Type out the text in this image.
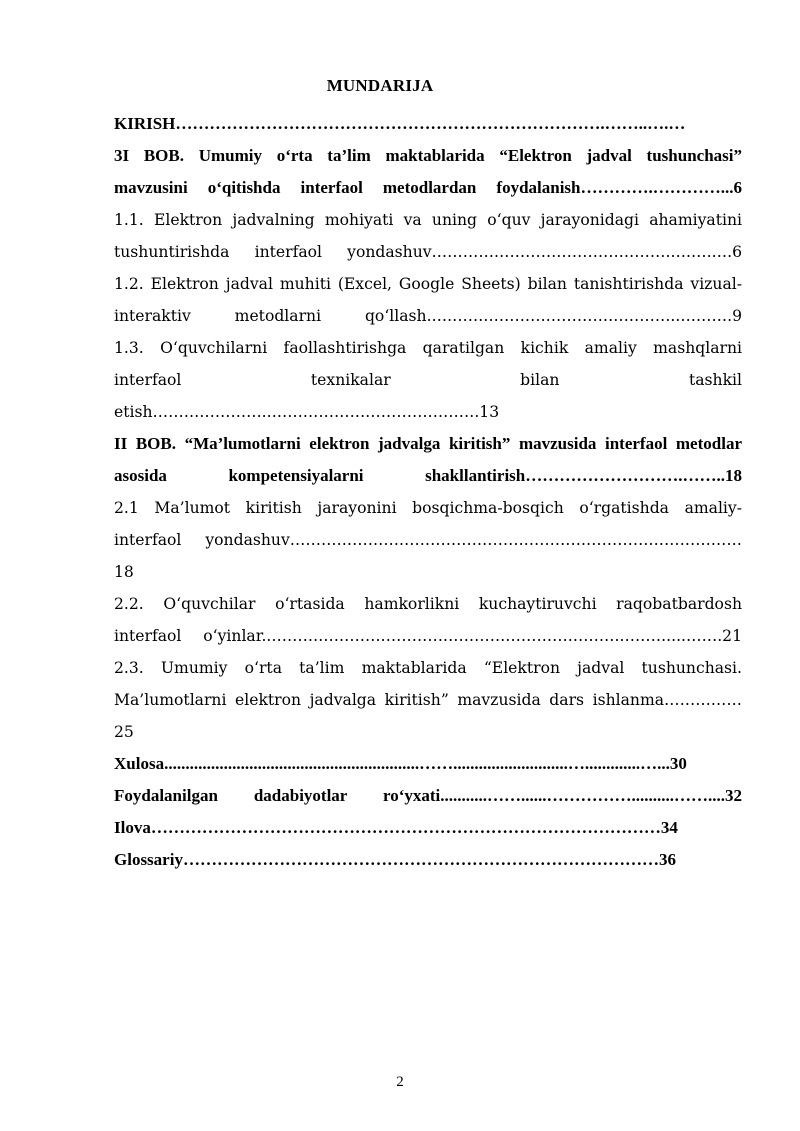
MUNDARIJA
KIRISH………………………………………………………………….……..….…
3I BOB. Umumiy o‘rta ta’lim maktablarida “Elektron jadval tushunchasi” mavzusini o‘qitishda interfaol metodlardan foydalanish………….…………...6
1.1. Elektron jadvalning mohiyati va uning o‘quv jarayonidagi ahamiyatini tushuntirishda interfaol yondashuv……………………………………….….….….6
1.2. Elektron jadval muhiti (Excel, Google Sheets) bilan tanishtirishda vizual-interaktiv metodlarni qo‘llash.….……………………………………..……….9
1.3. O‘quvchilarni faollashtirishga qaratilgan kichik amaliy mashqlarni interfaol texnikalar bilan tashkil etish…………………..………………………………….13
II BOB. “Ma’lumotlarni elektron jadvalga kiritish” mavzusida interfaol metodlar asosida kompetensiyalarni shakllantirish……………………….……..18
2.1 Ma’lumot kiritish jarayonini bosqichma-bosqich o‘rgatishda amaliy-interfaol yondashuv……………………………………………………………………………18
2.2. O‘quvchilar o‘rtasida hamkorlikni kuchaytiruvchi raqobatbardosh interfaol o‘yinlar..………………………………………………………….………....…….21
2.3. Umumiy o‘rta ta’lim maktablarida “Elektron jadval tushunchasi. Ma’lumotlarni elektron jadvalga kiritish” mavzusida dars ishlanma……………25
Xulosa............................................................……...........................….............…...30
Foydalanilgan dadabiyotlar ro‘yxati...........……......……………..........……....32
Ilova………………………………………………………………………………34
Glossariy…………………………………………………………………………36
2
